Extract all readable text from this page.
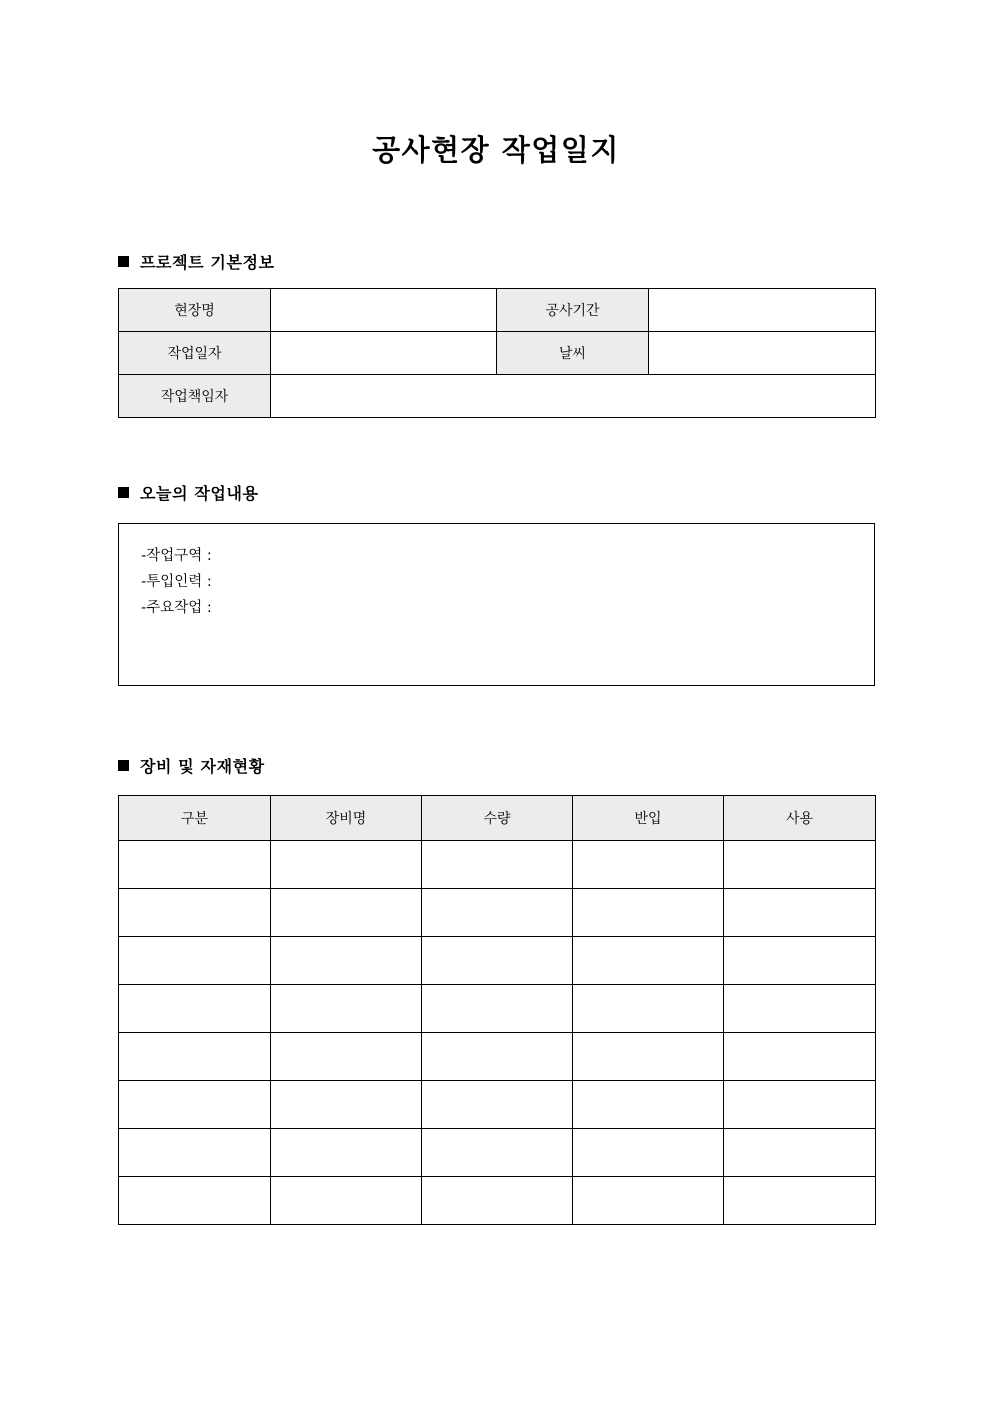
공사현장 작업일지
프로젝트 기본정보
현장명		공사기간	
작업일자		날씨	
작업책임자			
오늘의 작업내용
-작업구역 :
-투입인력 :
-주요작업 :
장비 및 자재현황
구분	장비명	수량	반입	사용
